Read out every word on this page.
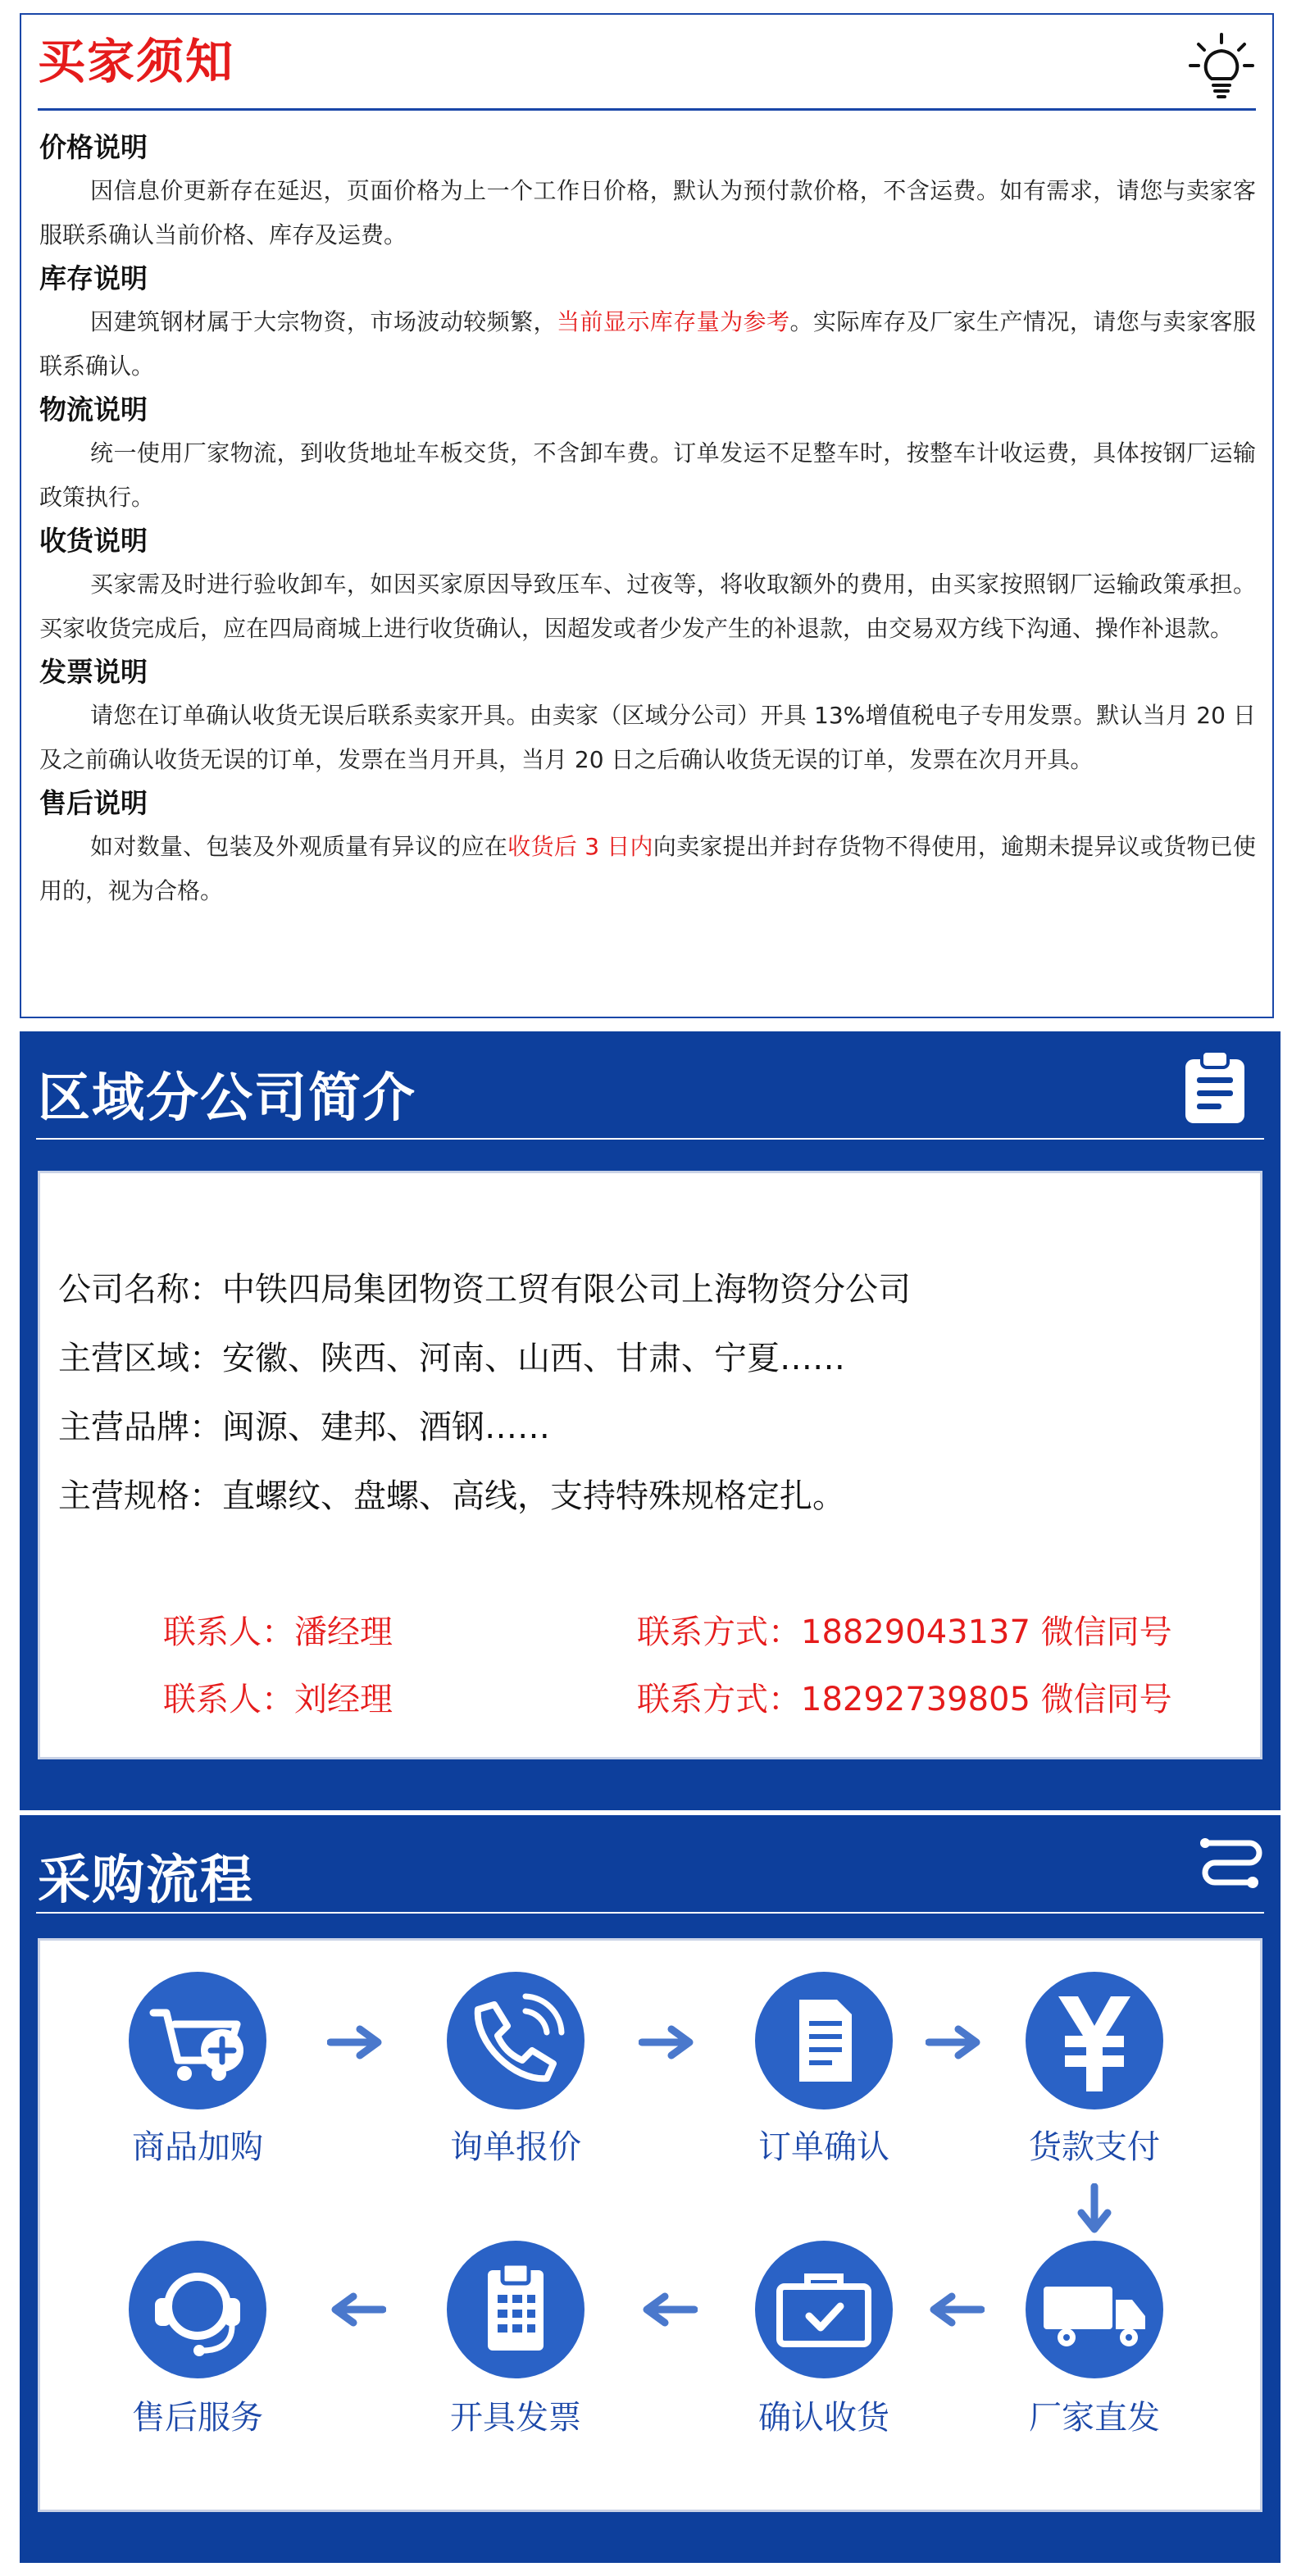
买家须知
价格说明

因信息价更新存在延迟，页面价格为上一个工作日价格，默认为预付款价格，不含运费。如有需求，请您与卖家客服联系确认当前价格、库存及运费。

库存说明

因建筑钢材属于大宗物资，市场波动较频繁，当前显示库存量为参考。实际库存及厂家生产情况，请您与卖家客服联系确认。

物流说明

统一使用厂家物流，到收货地址车板交货，不含卸车费。订单发运不足整车时，按整车计收运费，具体按钢厂运输政策执行。

收货说明

买家需及时进行验收卸车，如因买家原因导致压车、过夜等，将收取额外的费用，由买家按照钢厂运输政策承担。买家收货完成后，应在四局商城上进行收货确认，因超发或者少发产生的补退款，由交易双方线下沟通、操作补退款。

发票说明

请您在订单确认收货无误后联系卖家开具。由卖家（区域分公司）开具 13%增值税电子专用发票。默认当月 20 日及之前确认收货无误的订单，发票在当月开具，当月 20 日之后确认收货无误的订单，发票在次月开具。

售后说明

如对数量、包装及外观质量有异议的应在收货后 3 日内向卖家提出并封存货物不得使用，逾期未提异议或货物已使用的，视为合格。

区域分公司简介
公司名称：中铁四局集团物资工贸有限公司上海物资分公司
主营区域：安徽、陕西、河南、山西、甘肃、宁夏……
主营品牌：闽源、建邦、酒钢……
主营规格：直螺纹、盘螺、高线，支持特殊规格定扎。
联系人：潘经理	联系方式：18829043137 微信同号
联系人：刘经理	联系方式：18292739805 微信同号
采购流程
商品加购	询单报价	订单确认	货款支付
厂家直发
确认收货
开具发票
售后服务
